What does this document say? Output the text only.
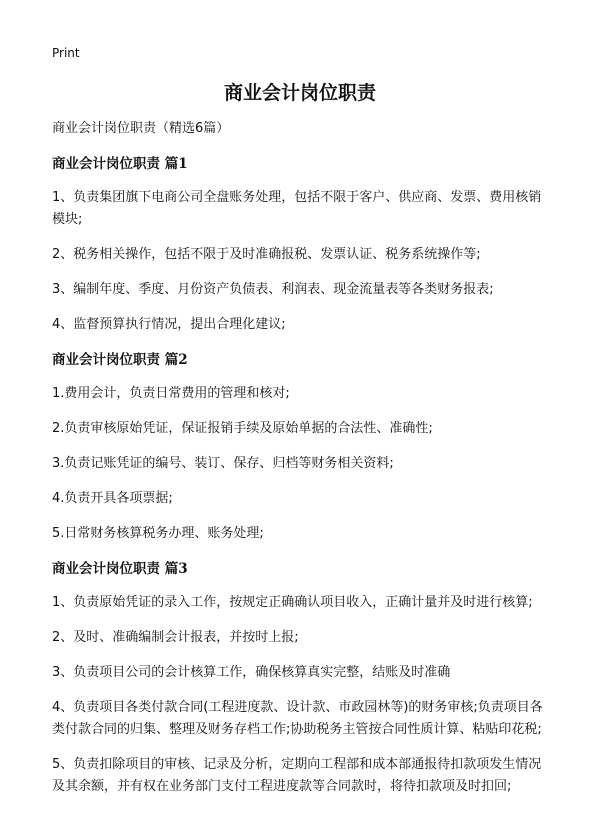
Print
商业会计岗位职责
商业会计岗位职责（精选6篇）
商业会计岗位职责 篇1
1、负责集团旗下电商公司全盘账务处理，包括不限于客户、供应商、发票、费用核销模块;
2、税务相关操作，包括不限于及时准确报税、发票认证、税务系统操作等;
3、编制年度、季度、月份资产负债表、利润表、现金流量表等各类财务报表;
4、监督预算执行情况，提出合理化建议;
商业会计岗位职责 篇2
1.费用会计，负责日常费用的管理和核对;
2.负责审核原始凭证，保证报销手续及原始单据的合法性、准确性;
3.负责记账凭证的编号、装订、保存、归档等财务相关资料;
4.负责开具各项票据;
5.日常财务核算税务办理、账务处理;
商业会计岗位职责 篇3
1、负责原始凭证的录入工作，按规定正确确认项目收入，正确计量并及时进行核算;
2、及时、准确编制会计报表，并按时上报;
3、负责项目公司的会计核算工作，确保核算真实完整，结账及时准确
4、负责项目各类付款合同(工程进度款、设计款、市政园林等)的财务审核;负责项目各类付款合同的归集、整理及财务存档工作;协助税务主管按合同性质计算、粘贴印花税;
5、负责扣除项目的审核、记录及分析，定期向工程部和成本部通报待扣款项发生情况及其余额，并有权在业务部门支付工程进度款等合同款时，将待扣款项及时扣回;
